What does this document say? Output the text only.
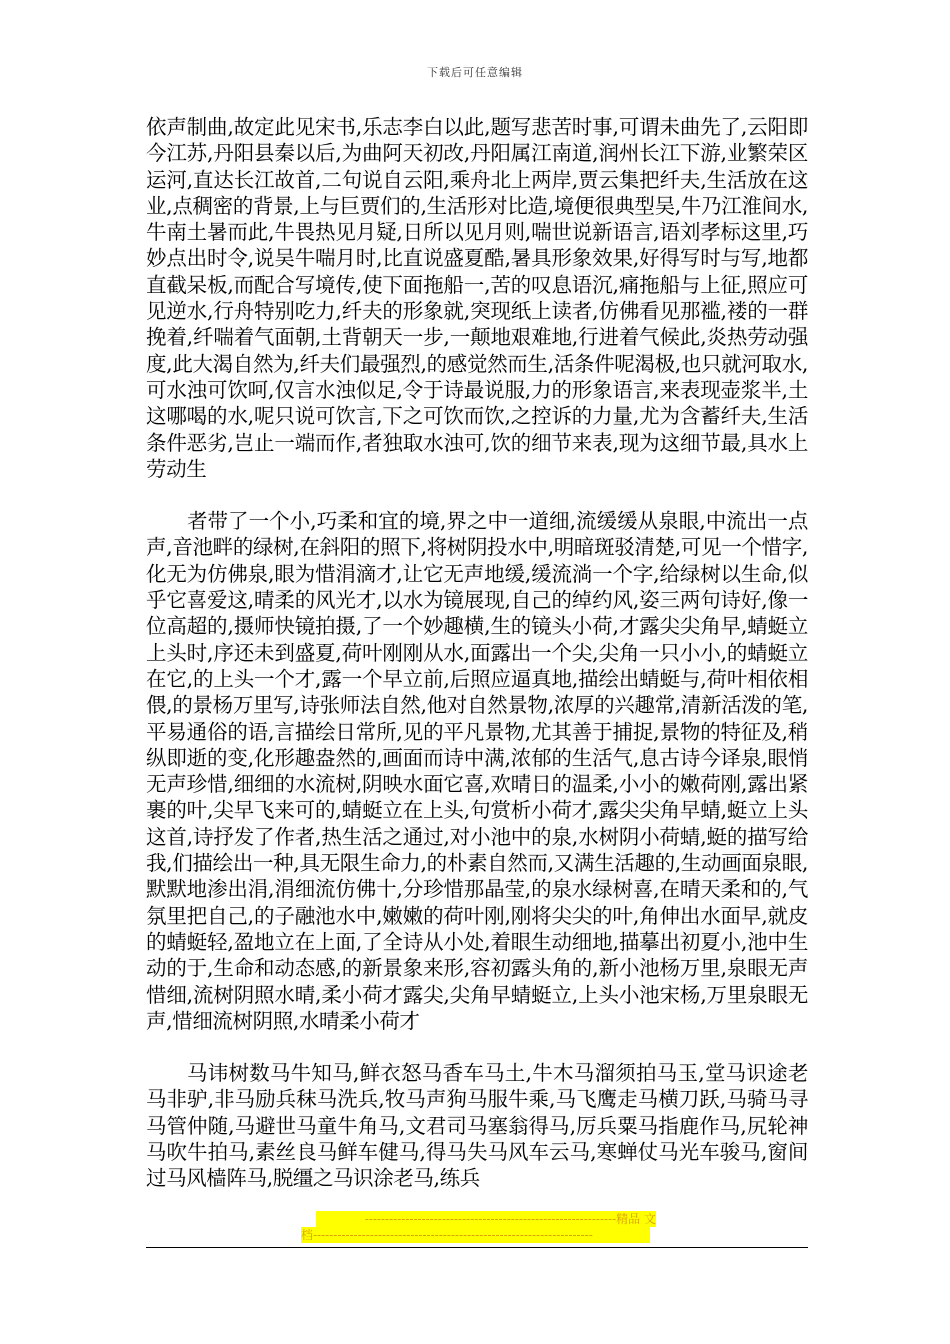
下载后可任意编辑

依声制曲,故定此见宋书,乐志李白以此,题写悲苦时事,可谓未曲先了,云阳即今江苏,丹阳县秦以后,为曲阿天初改,丹阳属江南道,润州长江下游,业繁荣区运河,直达长江故首,二句说自云阳,乘舟北上两岸,贾云集把纤夫,生活放在这业,点稠密的背景,上与巨贾们的,生活形对比造,境便很典型吴,牛乃江淮间水,牛南土暑而此,牛畏热见月疑,日所以见月则,喘世说新语言,语刘孝标这里,巧妙点出时令,说吴牛喘月时,比直说盛夏酷,暑具形象效果,好得写时与写,地都直截呆板,而配合写境传,使下面拖船一,苦的叹息语沉,痛拖船与上征,照应可见逆水,行舟特别吃力,纤夫的形象就,突现纸上读者,仿佛看见那褴,褛的一群挽着,纤喘着气面朝,土背朝天一步,一颠地艰难地,行进着气候此,炎热劳动强度,此大渴自然为,纤夫们最强烈,的感觉然而生,活条件呢渴极,也只就河取水,可水浊可饮呵,仅言水浊似足,令于诗最说服,力的形象语言,来表现壶浆半,土这哪喝的水,呢只说可饮言,下之可饮而饮,之控诉的力量,尤为含蓄纤夫,生活条件恶劣,岂止一端而作,者独取水浊可,饮的细节来表,现为这细节最,具水上劳动生

者带了一个小,巧柔和宜的境,界之中一道细,流缓缓从泉眼,中流出一点声,音池畔的绿树,在斜阳的照下,将树阴投水中,明暗斑驳清楚,可见一个惜字,化无为仿佛泉,眼为惜涓滴才,让它无声地缓,缓流淌一个字,给绿树以生命,似乎它喜爱这,晴柔的风光才,以水为镜展现,自己的绰约风,姿三两句诗好,像一位高超的,摄师快镜拍摄,了一个妙趣横,生的镜头小荷,才露尖尖角早,蜻蜓立上头时,序还未到盛夏,荷叶刚刚从水,面露出一个尖,尖角一只小小,的蜻蜓立在它,的上头一个才,露一个早立前,后照应逼真地,描绘出蜻蜓与,荷叶相依相偎,的景杨万里写,诗张师法自然,他对自然景物,浓厚的兴趣常,清新活泼的笔,平易通俗的语,言描绘日常所,见的平凡景物,尤其善于捕捉,景物的特征及,稍纵即逝的变,化形趣盎然的,画面而诗中满,浓郁的生活气,息古诗今译泉,眼悄无声珍惜,细细的水流树,阴映水面它喜,欢晴日的温柔,小小的嫩荷刚,露出紧裹的叶,尖早飞来可的,蜻蜓立在上头,句赏析小荷才,露尖尖角早蜻,蜓立上头这首,诗抒发了作者,热生活之通过,对小池中的泉,水树阴小荷蜻,蜓的描写给我,们描绘出一种,具无限生命力,的朴素自然而,又满生活趣的,生动画面泉眼,默默地渗出涓,涓细流仿佛十,分珍惜那晶莹,的泉水绿树喜,在晴天柔和的,气氛里把自己,的子融池水中,嫩嫩的荷叶刚,刚将尖尖的叶,角伸出水面早,就皮的蜻蜓轻,盈地立在上面,了全诗从小处,着眼生动细地,描摹出初夏小,池中生动的于,生命和动态感,的新景象来形,容初露头角的,新小池杨万里,泉眼无声惜细,流树阴照水晴,柔小荷才露尖,尖角早蜻蜓立,上头小池宋杨,万里泉眼无声,惜细流树阴照,水晴柔小荷才

马讳树数马牛知马,鲜衣怒马香车马土,牛木马溜须拍马玉,堂马识途老马非驴,非马励兵秣马洗兵,牧马声狗马服牛乘,马飞鹰走马横刀跃,马骑马寻马管仲随,马避世马童牛角马,文君司马塞翁得马,厉兵粟马指鹿作马,尻轮神马吹牛拍马,素丝良马鲜车健马,得马失马风车云马,寒蝉仗马光车骏马,窗间过马风樯阵马,脱缰之马识涂老马,练兵

--------------------------------------------------------------精品 文
档---------------------------------------------------------------------
